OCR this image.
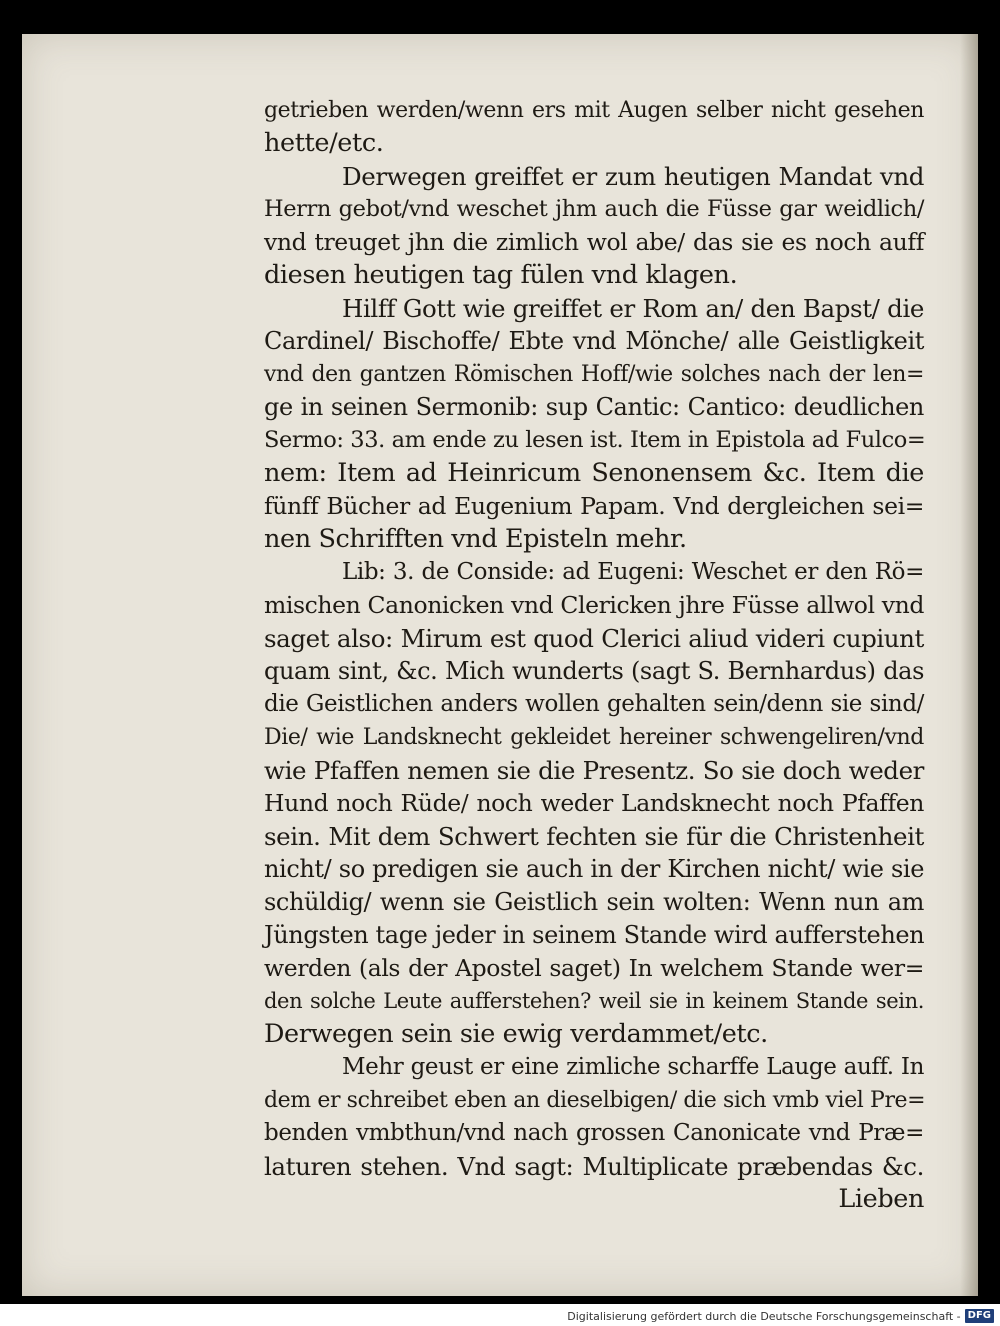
getrieben werden/wenn ers mit Augen selber nicht gesehen
hette/etc.
Derwegen greiffet er zum heutigen Mandat vnd
Herrn gebot/vnd weschet jhm auch die Füsse gar weidlich/
vnd treuget jhn die zimlich wol abe/ das sie es noch auff
diesen heutigen tag fülen vnd klagen.
Hilff Gott wie greiffet er Rom an/ den Bapst/ die
Cardinel/ Bischoffe/ Ebte vnd Mönche/ alle Geistligkeit
vnd den gantzen Römischen Hoff/wie solches nach der len=
ge in seinen Sermonib: sup Cantic: Cantico: deudlichen
Sermo: 33. am ende zu lesen ist. Item in Epistola ad Fulco=
nem: Item ad Heinricum Senonensem &c. Item die
fünff Bücher ad Eugenium Papam. Vnd dergleichen sei=
nen Schrifften vnd Episteln mehr.
Lib: 3. de Conside: ad Eugeni: Weschet er den Rö=
mischen Canonicken vnd Clericken jhre Füsse allwol vnd
saget also: Mirum est quod Clerici aliud videri cupiunt
quam sint, &c. Mich wunderts (sagt S. Bernhardus) das
die Geistlichen anders wollen gehalten sein/denn sie sind/
Die/ wie Landsknecht gekleidet hereiner schwengeliren/vnd
wie Pfaffen nemen sie die Presentz. So sie doch weder
Hund noch Rüde/ noch weder Landsknecht noch Pfaffen
sein. Mit dem Schwert fechten sie für die Christenheit
nicht/ so predigen sie auch in der Kirchen nicht/ wie sie
schüldig/ wenn sie Geistlich sein wolten: Wenn nun am
Jüngsten tage jeder in seinem Stande wird aufferstehen
werden (als der Apostel saget) In welchem Stande wer=
den solche Leute aufferstehen? weil sie in keinem Stande sein.
Derwegen sein sie ewig verdammet/etc.
Mehr geust er eine zimliche scharffe Lauge auff. In
dem er schreibet eben an dieselbigen/ die sich vmb viel Pre=
benden vmbthun/vnd nach grossen Canonicate vnd Præ=
laturen stehen. Vnd sagt: Multiplicate præbendas &c.
Lieben
Digitalisierung gefördert durch die Deutsche Forschungsgemeinschaft - DFG
